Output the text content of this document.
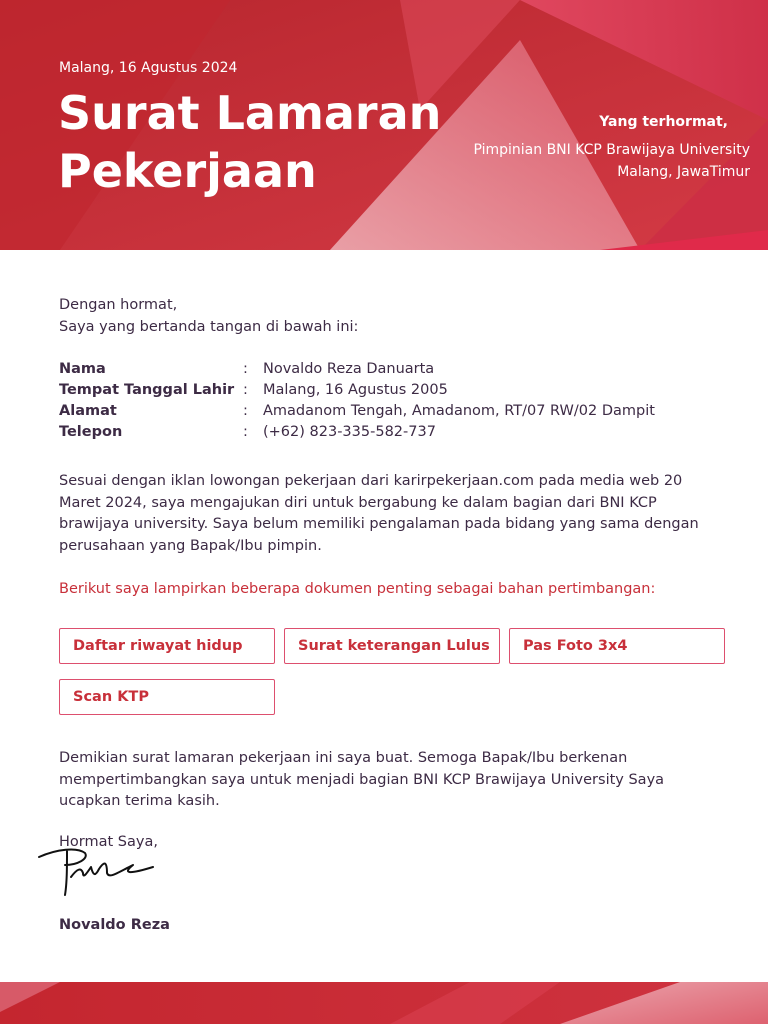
Malang, 16 Agustus 2024
Surat Lamaran
Pekerjaan
Yang terhormat,
Pimpinian BNI KCP Brawijaya University
Malang, JawaTimur

Dengan hormat,

Saya yang bertanda tangan di bawah ini:

Nama	:	Novaldo Reza Danuarta
Tempat Tanggal Lahir :	Malang, 16 Agustus 2005
Alamat	:	Amadanom Tengah, Amadanom, RT/07 RW/02 Dampit
Telepon	:	(+62) 823-335-582-737

Sesuai dengan iklan lowongan pekerjaan dari karirpekerjaan.com pada media web 20 Maret 2024, saya mengajukan diri untuk bergabung ke dalam bagian dari BNI KCP brawijaya university. Saya belum memiliki pengalaman pada bidang yang sama dengan perusahaan yang Bapak/Ibu pimpin.

Berikut saya lampirkan beberapa dokumen penting sebagai bahan pertimbangan:

Daftar riwayat hidup	Surat keterangan Lulus	Pas Foto 3x4
Scan KTP

Demikian surat lamaran pekerjaan ini saya buat. Semoga Bapak/Ibu berkenan mempertimbangkan saya untuk menjadi bagian BNI KCP Brawijaya University Saya ucapkan terima kasih.

Hormat Saya,

Novaldo Reza
